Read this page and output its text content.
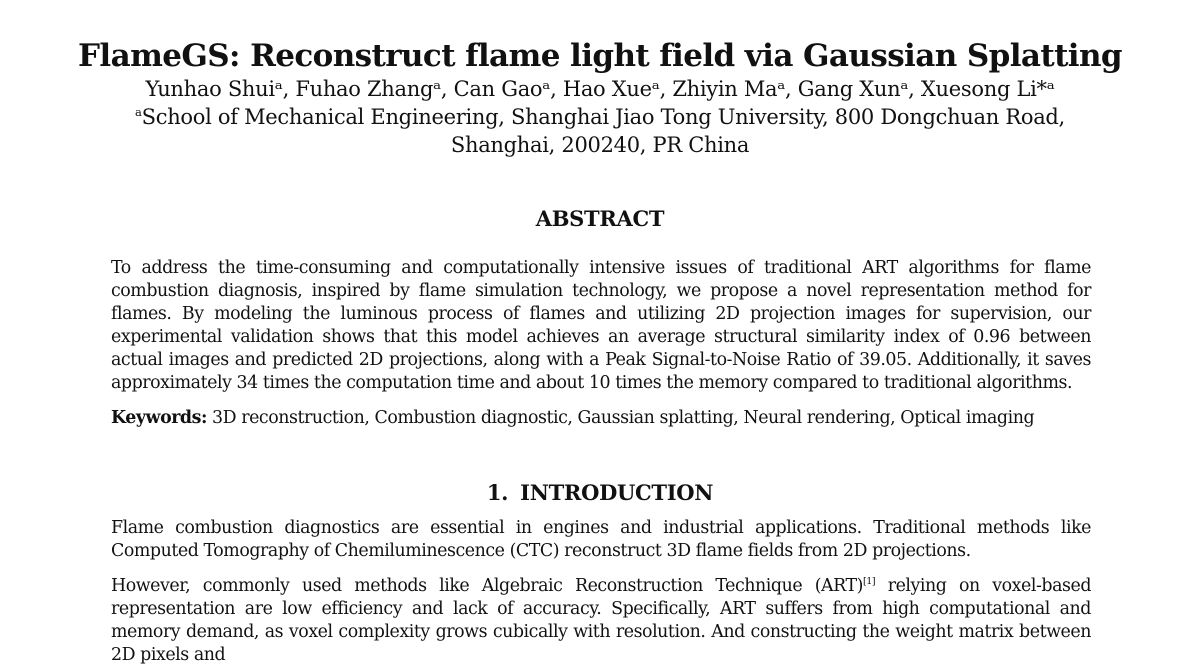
FlameGS: Reconstruct flame light field via Gaussian Splatting
Yunhao Shuiᵃ, Fuhao Zhangᵃ, Can Gaoᵃ, Hao Xueᵃ, Zhiyin Maᵃ, Gang Xunᵃ, Xuesong Li*ᵃ
$^a$School of Mechanical Engineering, Shanghai Jiao Tong University, 800 Dongchuan Road,
Shanghai, 200240, PR China
ABSTRACT

To address the time-consuming and computationally intensive issues of traditional ART algorithms for flame combustion diagnosis, inspired by flame simulation technology, we propose a novel representation method for flames. By modeling the luminous process of flames and utilizing 2D projection images for supervision, our experimental validation shows that this model achieves an average structural similarity index of 0.96 between actual images and predicted 2D projections, along with a Peak Signal-to-Noise Ratio of 39.05. Additionally, it saves approximately 34 times the computation time and about 10 times the memory compared to traditional algorithms.

Keywords: 3D reconstruction, Combustion diagnostic, Gaussian splatting, Neural rendering, Optical imaging

1. INTRODUCTION

Flame combustion diagnostics are essential in engines and industrial applications. Traditional methods like Computed Tomography of Chemiluminescence (CTC) reconstruct 3D flame fields from 2D projections.

However, commonly used methods like Algebraic Reconstruction Technique (ART)[1] relying on voxel-based representation are low efficiency and lack of accuracy. Specifically, ART suffers from high computational and memory demand, as voxel complexity grows cubically with resolution. And constructing the weight matrix between 2D pixels and
